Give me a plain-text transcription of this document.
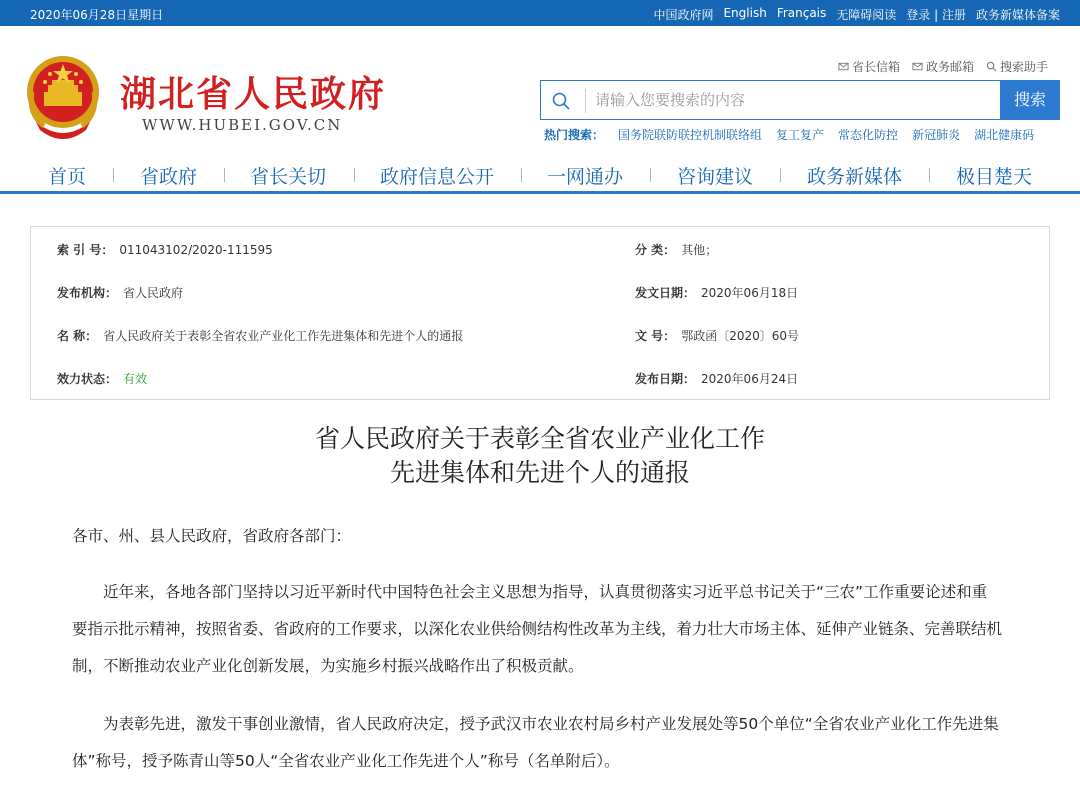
2020年06月28日星期日	中国政府网 English Français 无障碍阅读 登录 | 注册 政务新媒体备案
湖北省人民政府
WWW.HUBEI.GOV.CN
省长信箱 政务邮箱 搜索助手
请输入您要搜索的内容
搜索
热门搜索： 国务院联防联控机制联络组 复工复产 常态化防控 新冠肺炎 湖北健康码
首页	省政府	省长关切	政府信息公开	一网通办	咨询建议	政务新媒体	极目楚天
索 引 号： 011043102/2020-111595	分 类： 其他；
发布机构： 省人民政府	发文日期： 2020年06月18日
名 称： 省人民政府关于表彰全省农业产业化工作先进集体和先进个人的通报	文 号： 鄂政函〔2020〕60号
效力状态： 有效	发布日期： 2020年06月24日
省人民政府关于表彰全省农业产业化工作
先进集体和先进个人的通报
各市、州、县人民政府，省政府各部门：
近年来，各地各部门坚持以习近平新时代中国特色社会主义思想为指导，认真贯彻落实习近平总书记关于“三农”工作重要论述和重要指示批示精神，按照省委、省政府的工作要求，以深化农业供给侧结构性改革为主线，着力壮大市场主体、延伸产业链条、完善联结机制，不断推动农业产业化创新发展，为实施乡村振兴战略作出了积极贡献。
为表彰先进，激发干事创业激情，省人民政府决定，授予武汉市农业农村局乡村产业发展处等50个单位“全省农业产业化工作先进集体”称号，授予陈青山等50人“全省农业产业化工作先进个人”称号（名单附后）。
